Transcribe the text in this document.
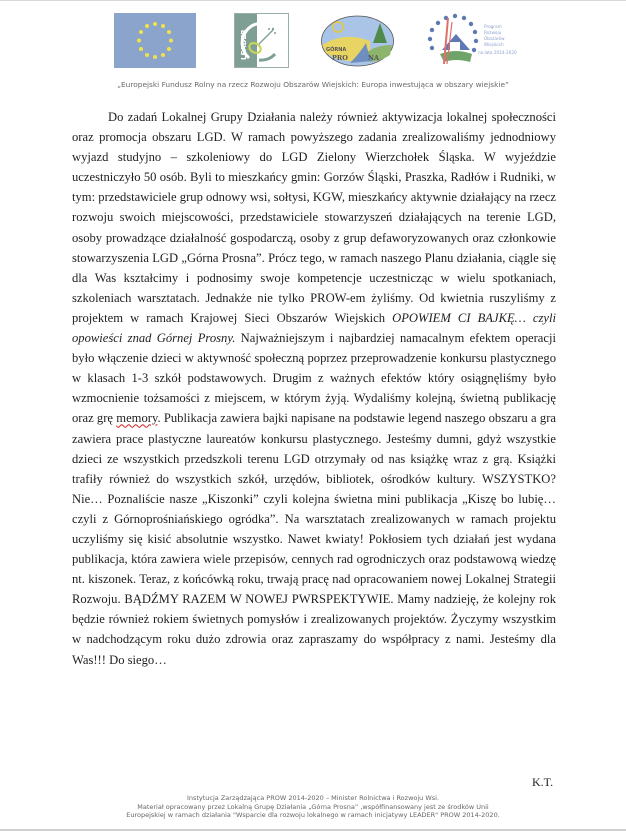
LEADER	GÓRNA
PRO	NA
Program
Rozwoju
Obszarów
Wiejskich
na lata 2014-2020
„Europejski Fundusz Rolny na rzecz Rozwoju Obszarów Wiejskich: Europa inwestująca w obszary wiejskie”

Do zadań Lokalnej Grupy Działania należy również aktywizacja lokalnej społeczności oraz promocja obszaru LGD. W ramach powyższego zadania zrealizowaliśmy jednodniowy wyjazd studyjno – szkoleniowy do LGD Zielony Wierzchołek Śląska. W wyjeździe uczestniczyło 50 osób. Byli to mieszkańcy gmin: Gorzów Śląski, Praszka, Radłów i Rudniki, w tym: przedstawiciele grup odnowy wsi, sołtysi, KGW, mieszkańcy aktywnie działający na rzecz rozwoju swoich miejscowości, przedstawiciele stowarzyszeń działających na terenie LGD, osoby prowadzące działalność gospodarczą, osoby z grup defaworyzowanych oraz członkowie stowarzyszenia LGD „Górna Prosna”. Prócz tego, w ramach naszego Planu działania, ciągle się dla Was kształcimy i podnosimy swoje kompetencje uczestnicząc w wielu spotkaniach, szkoleniach warsztatach. Jednakże nie tylko PROW-em żyliśmy. Od kwietnia ruszyliśmy z projektem w ramach Krajowej Sieci Obszarów Wiejskich OPOWIEM CI BAJKĘ… czyli opowieści znad Górnej Prosny. Najważniejszym i najbardziej namacalnym efektem operacji było włączenie dzieci w aktywność społeczną poprzez przeprowadzenie konkursu plastycznego w klasach 1-3 szkół podstawowych. Drugim z ważnych efektów który osiągnęliśmy było wzmocnienie tożsamości z miejscem, w którym żyją. Wydaliśmy kolejną, świetną publikację oraz grę memory. Publikacja zawiera bajki napisane na podstawie legend naszego obszaru a gra zawiera prace plastyczne laureatów konkursu plastycznego. Jesteśmy dumni, gdyż wszystkie dzieci ze wszystkich przedszkoli terenu LGD otrzymały od nas książkę wraz z grą. Książki trafiły również do wszystkich szkół, urzędów, bibliotek, ośrodków kultury. WSZYSTKO? Nie… Poznaliście nasze „Kiszonki” czyli kolejna świetna mini publikacja „Kiszę bo lubię… czyli z Górnoprośniańskiego ogródka”. Na warsztatach zrealizowanych w ramach projektu uczyliśmy się kisić absolutnie wszystko. Nawet kwiaty! Pokłosiem tych działań jest wydana publikacja, która zawiera wiele przepisów, cennych rad ogrodniczych oraz podstawową wiedzę nt. kiszonek. Teraz, z końcówką roku, trwają pracę nad opracowaniem nowej Lokalnej Strategii Rozwoju. BĄDŹMY RAZEM W NOWEJ PWRSPEKTYWIE. Mamy nadzieję, że kolejny rok będzie również rokiem świetnych pomysłów i zrealizowanych projektów. Życzymy wszystkim w nadchodzącym roku dużo zdrowia oraz zapraszamy do współpracy z nami. Jesteśmy dla Was!!! Do siego…

K.T.
Instytucja Zarządzająca PROW 2014-2020 – Minister Rolnictwa i Rozwoju Wsi.
Materiał opracowany przez Lokalną Grupę Działania „Górna Prosna” ,współfinansowany jest ze środków Unii
Europejskiej w ramach działania "Wsparcie dla rozwoju lokalnego w ramach inicjatywy LEADER" PROW 2014-2020.
